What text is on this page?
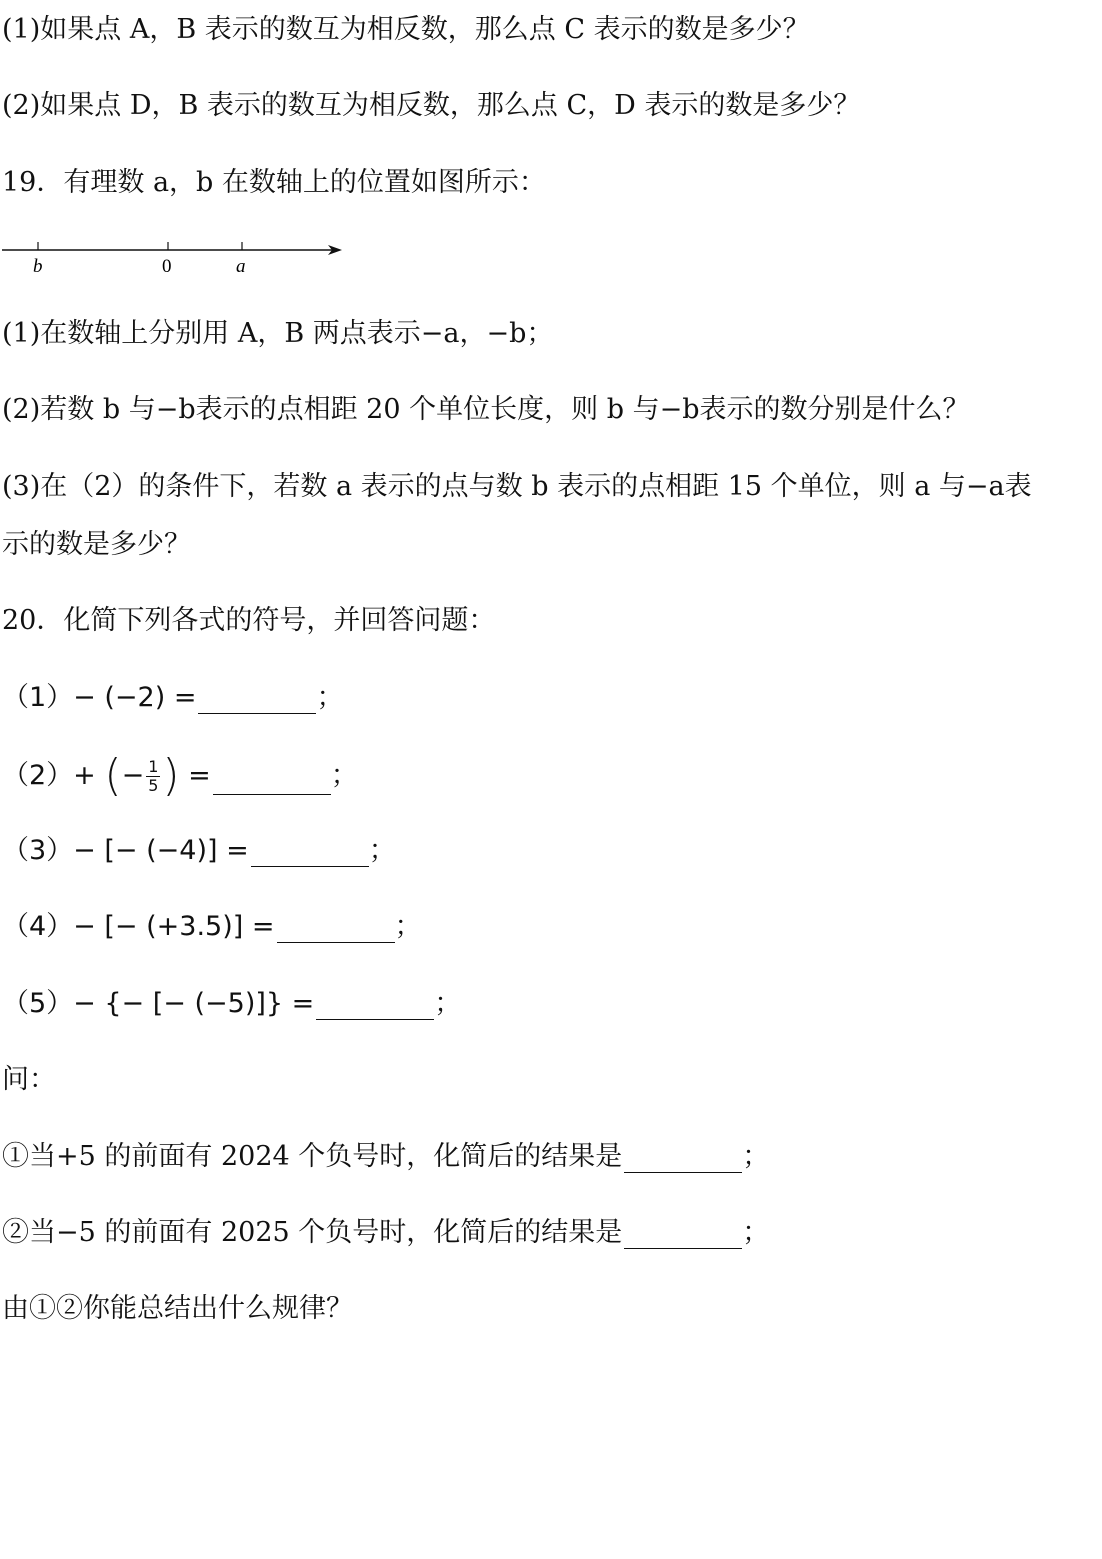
(1)如果点 A，B 表示的数互为相反数，那么点 C 表示的数是多少？
(2)如果点 D，B 表示的数互为相反数，那么点 C，D 表示的数是多少？
19．有理数 a，b 在数轴上的位置如图所示：
b	0	a
(1)在数轴上分别用 A，B 两点表示−a，−b；
(2)若数 b 与−b表示的点相距 20 个单位长度，则 b 与−b表示的数分别是什么？
(3)在（2）的条件下，若数 a 表示的点与数 b 表示的点相距 15 个单位，则 a 与−a表
示的数是多少？
20．化简下列各式的符号，并回答问题：
（1）− (−2) =	；
（2）+ (− $\frac{1}{5}$ ) =	；
（3）− [− (−4)] =	；
（4）− [− (+3.5)] =	；
（5）− {− [− (−5)]} =	；
问：
①当+5 的前面有 2024 个负号时，化简后的结果是	；
②当−5 的前面有 2025 个负号时，化简后的结果是	；
由①②你能总结出什么规律？
